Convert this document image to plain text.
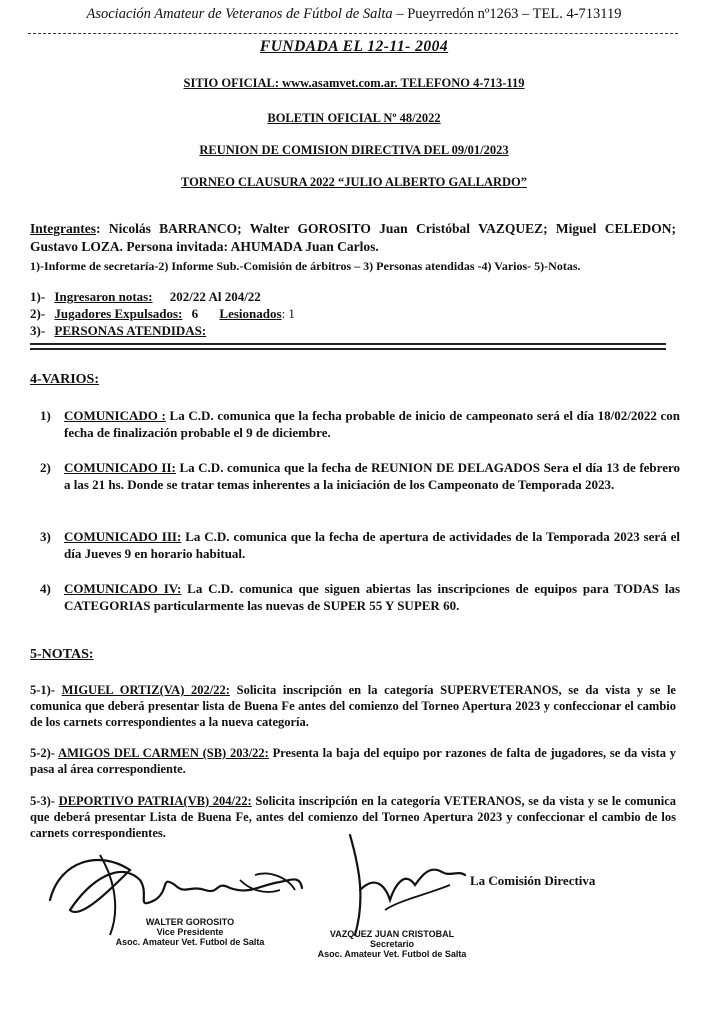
Asociación Amateur de Veteranos de Fútbol de Salta – Pueyrredón nº1263 – TEL. 4-713119
FUNDADA EL 12-11- 2004
SITIO OFICIAL: www.asamvet.com.ar. TELEFONO 4-713-119
BOLETIN OFICIAL Nº 48/2022
REUNION DE COMISION DIRECTIVA DEL 09/01/2023
TORNEO CLAUSURA 2022 “JULIO ALBERTO GALLARDO”
Integrantes: Nicolás BARRANCO; Walter GOROSITO Juan Cristóbal VAZQUEZ; Miguel CELEDON; Gustavo LOZA. Persona invitada: AHUMADA Juan Carlos.
1)-Informe de secretaría-2) Informe Sub.-Comisión de árbitros – 3) Personas atendidas -4) Varios- 5)-Notas.
1)- Ingresaron notas: 202/22 Al 204/22
2)- Jugadores Expulsados: 6 Lesionados: 1
3)- PERSONAS ATENDIDAS:
4-VARIOS:
1)	COMUNICADO : La C.D. comunica que la fecha probable de inicio de campeonato será el día 18/02/2022 con fecha de finalización probable el 9 de diciembre.
2)	COMUNICADO II: La C.D. comunica que la fecha de REUNION DE DELAGADOS Sera el día 13 de febrero a las 21 hs. Donde se tratar temas inherentes a la iniciación de los Campeonato de Temporada 2023.
3)	COMUNICADO III: La C.D. comunica que la fecha de apertura de actividades de la Temporada 2023 será el día Jueves 9 en horario habitual.
4)	COMUNICADO IV: La C.D. comunica que siguen abiertas las inscripciones de equipos para TODAS las CATEGORIAS particularmente las nuevas de SUPER 55 Y SUPER 60.
5-NOTAS:
5-1)- MIGUEL ORTIZ(VA) 202/22: Solicita inscripción en la categoría SUPERVETERANOS, se da vista y se le comunica que deberá presentar lista de Buena Fe antes del comienzo del Torneo Apertura 2023 y confeccionar el cambio de los carnets correspondientes a la nueva categoría.
5-2)- AMIGOS DEL CARMEN (SB) 203/22: Presenta la baja del equipo por razones de falta de jugadores, se da vista y pasa al área correspondiente.
5-3)- DEPORTIVO PATRIA(VB) 204/22: Solicita inscripción en la categoría VETERANOS, se da vista y se le comunica que deberá presentar Lista de Buena Fe, antes del comienzo del Torneo Apertura 2023 y confeccionar el cambio de los carnets correspondientes.
La Comisión Directiva
WALTER GOROSITO
Vice Presidente
Asoc. Amateur Vet. Futbol de Salta
VAZQUEZ JUAN CRISTOBAL
Secretario
Asoc. Amateur Vet. Futbol de Salta
